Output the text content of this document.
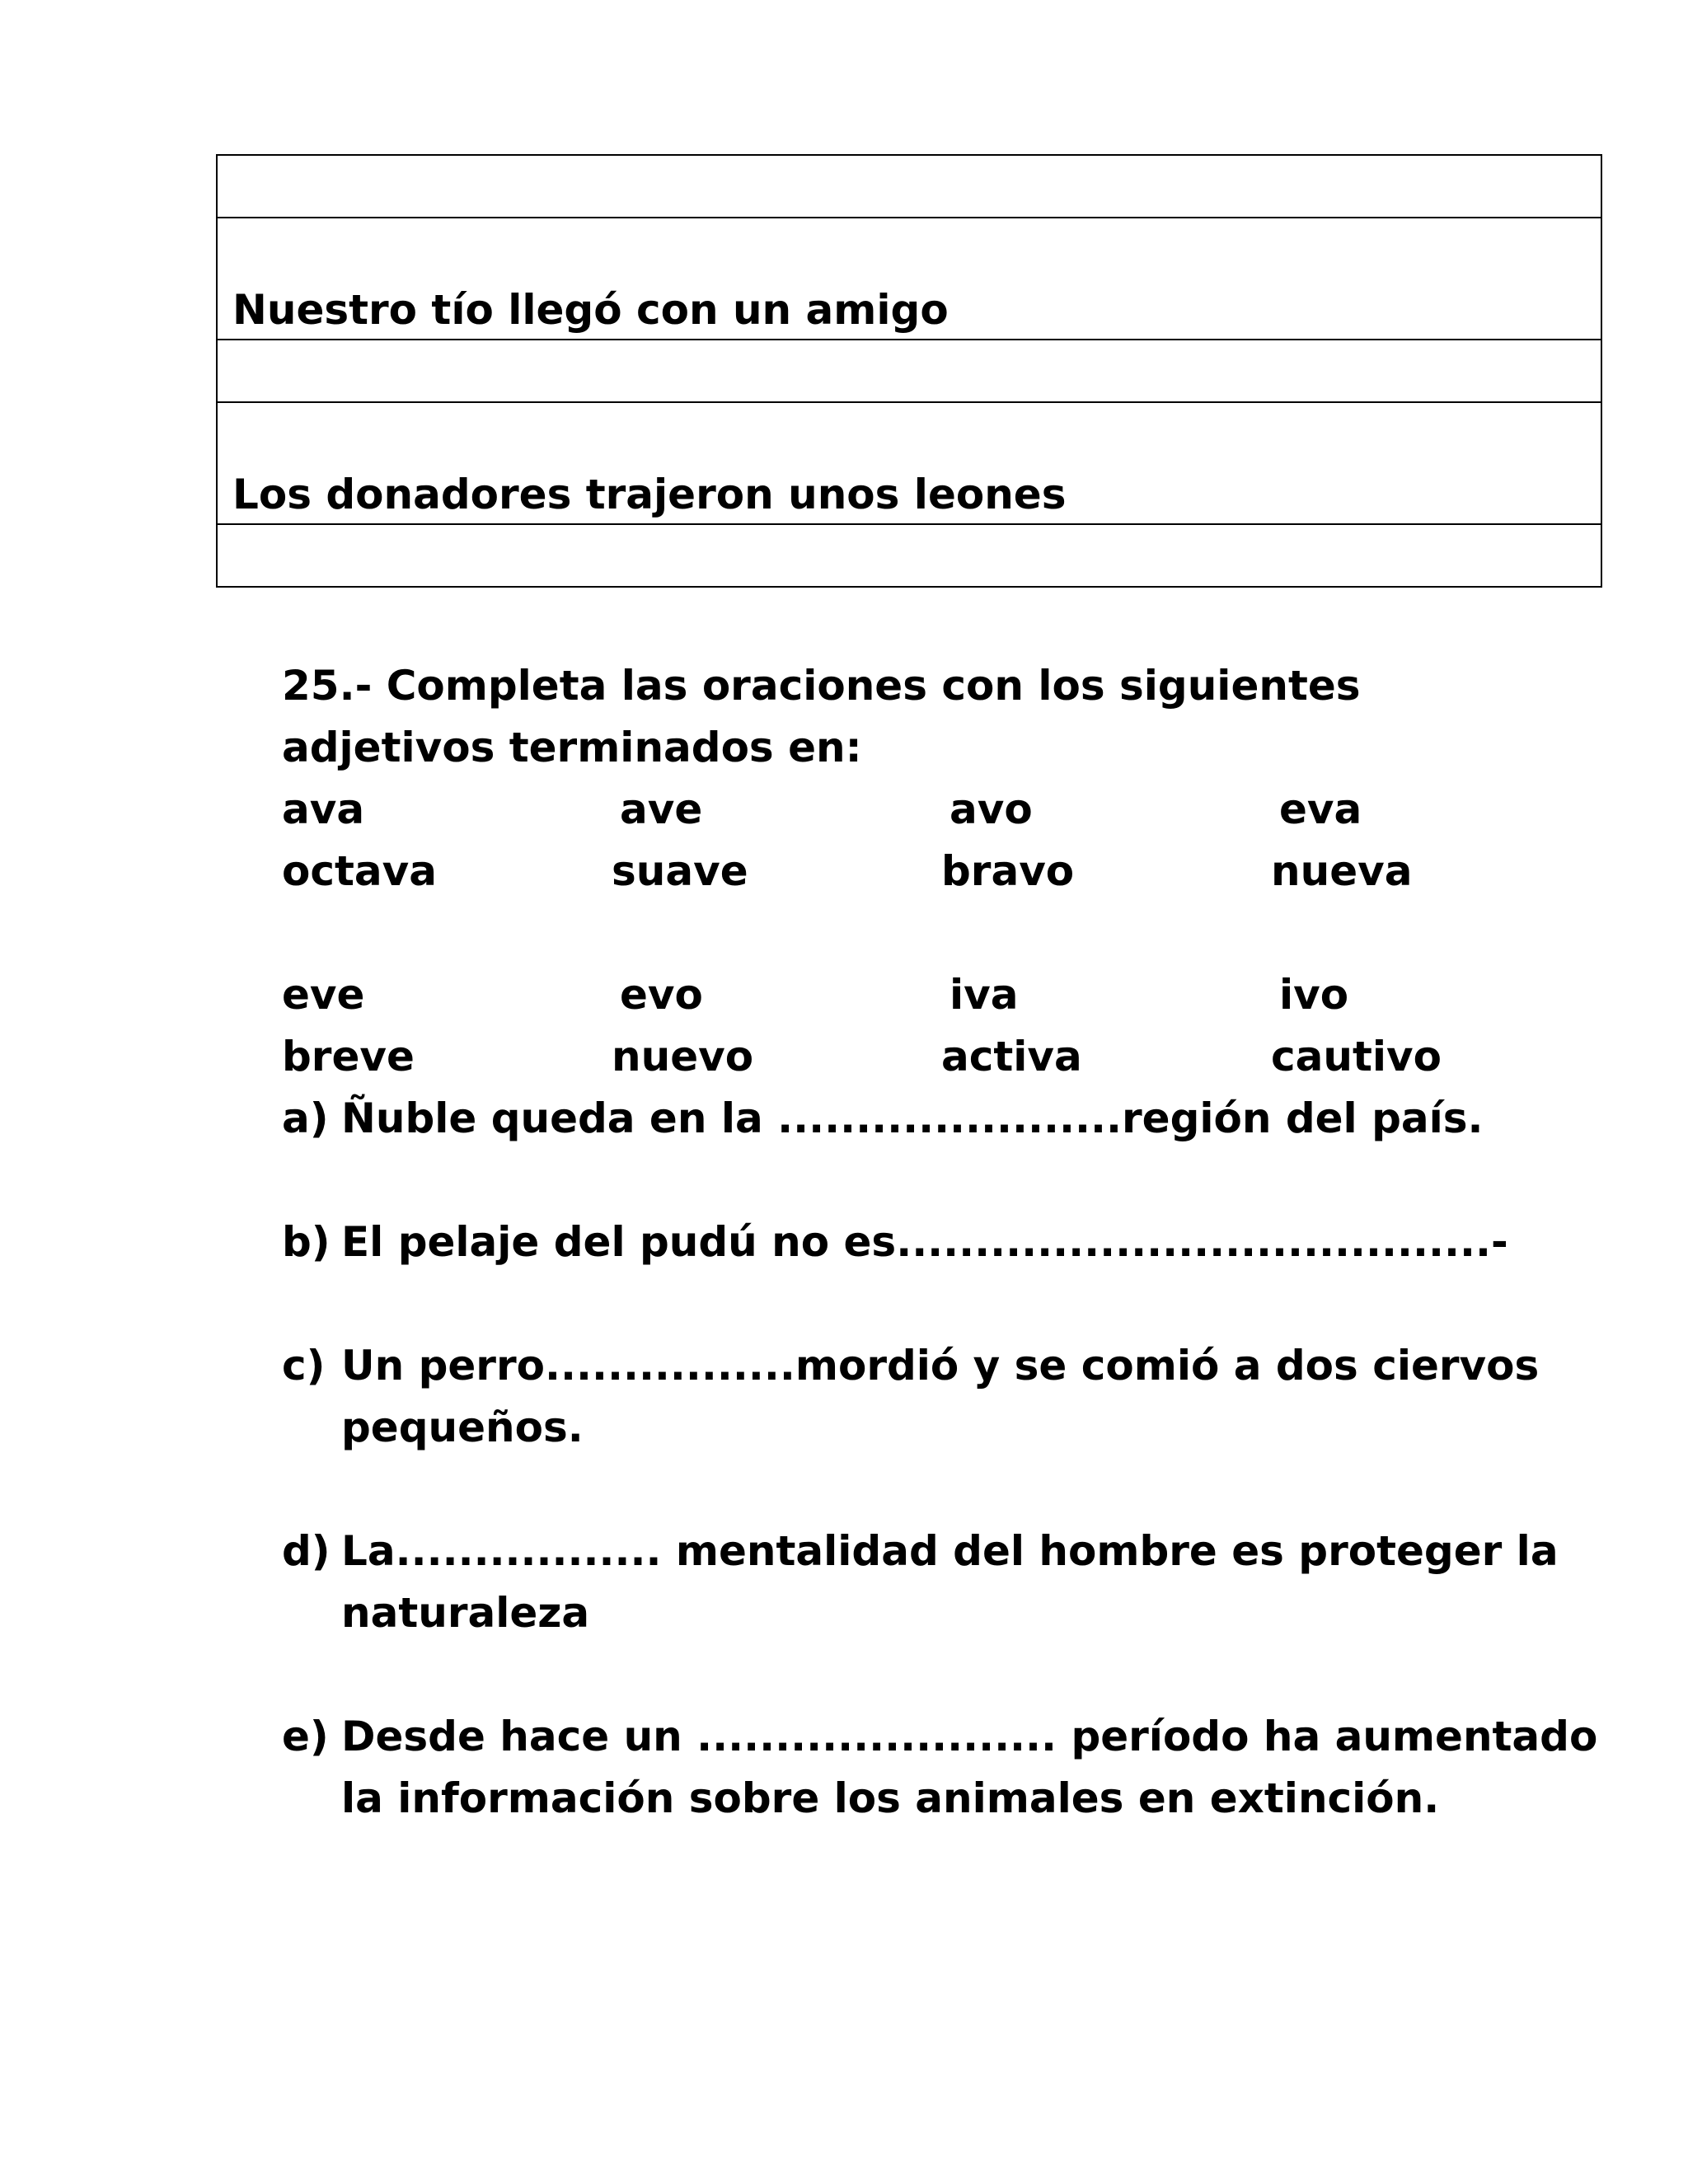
Nuestro tío llegó con un amigo

Los donadores trajeron unos leones

25.- Completa las oraciones con los siguientes
adjetivos terminados en:
ava	ave	avo	eva
octava	suave	bravo	nueva
eve	evo	iva	ivo
breve	nuevo	activa	cautivo
a) Ñuble queda en la ......................región del país.
b) El pelaje del pudú no es......................................-
c) Un perro................mordió y se comió a dos ciervos pequeños.
d) La................. mentalidad del hombre es proteger la naturaleza
e) Desde hace un ....................... período ha aumentado la información sobre los animales en extinción.
